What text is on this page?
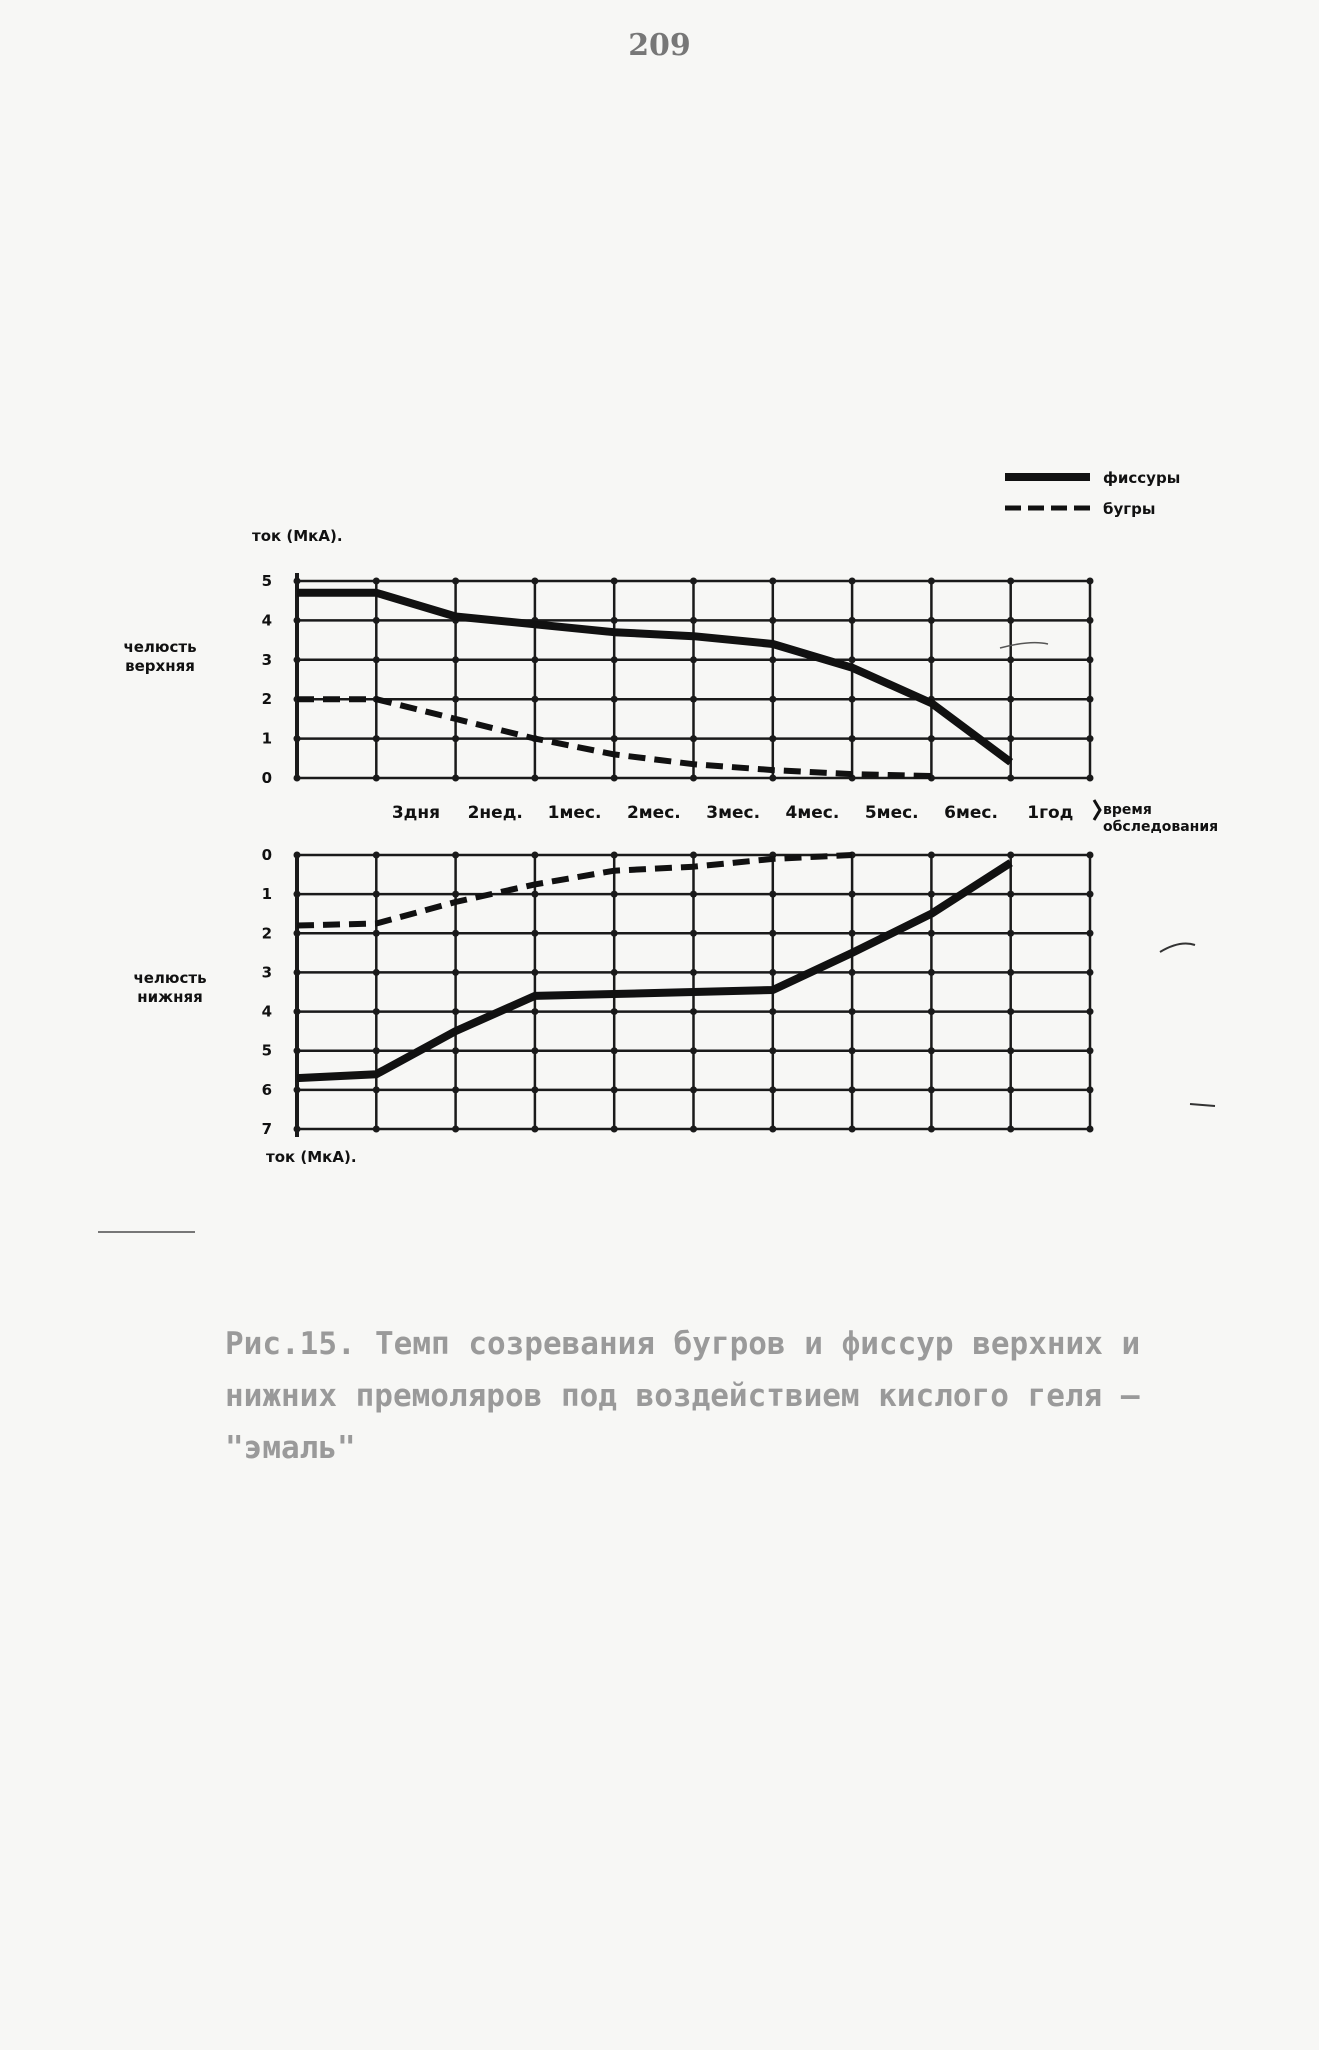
209
0
1
2
3
4
5
0
1
2
3
4
5
6
7
ток (МкА).
ток (МкА).
челюсть
верхняя
челюсть
нижняя
3дня 2нед. 1мес. 2мес. 3мес. 4мес. 5мес. 6мес. 1год время
обследования
фиссуры
бугры
Рис.15. Темп созревания бугров и фиссур верхних и нижних премоляров под воздействием кислого геля – "эмаль"
